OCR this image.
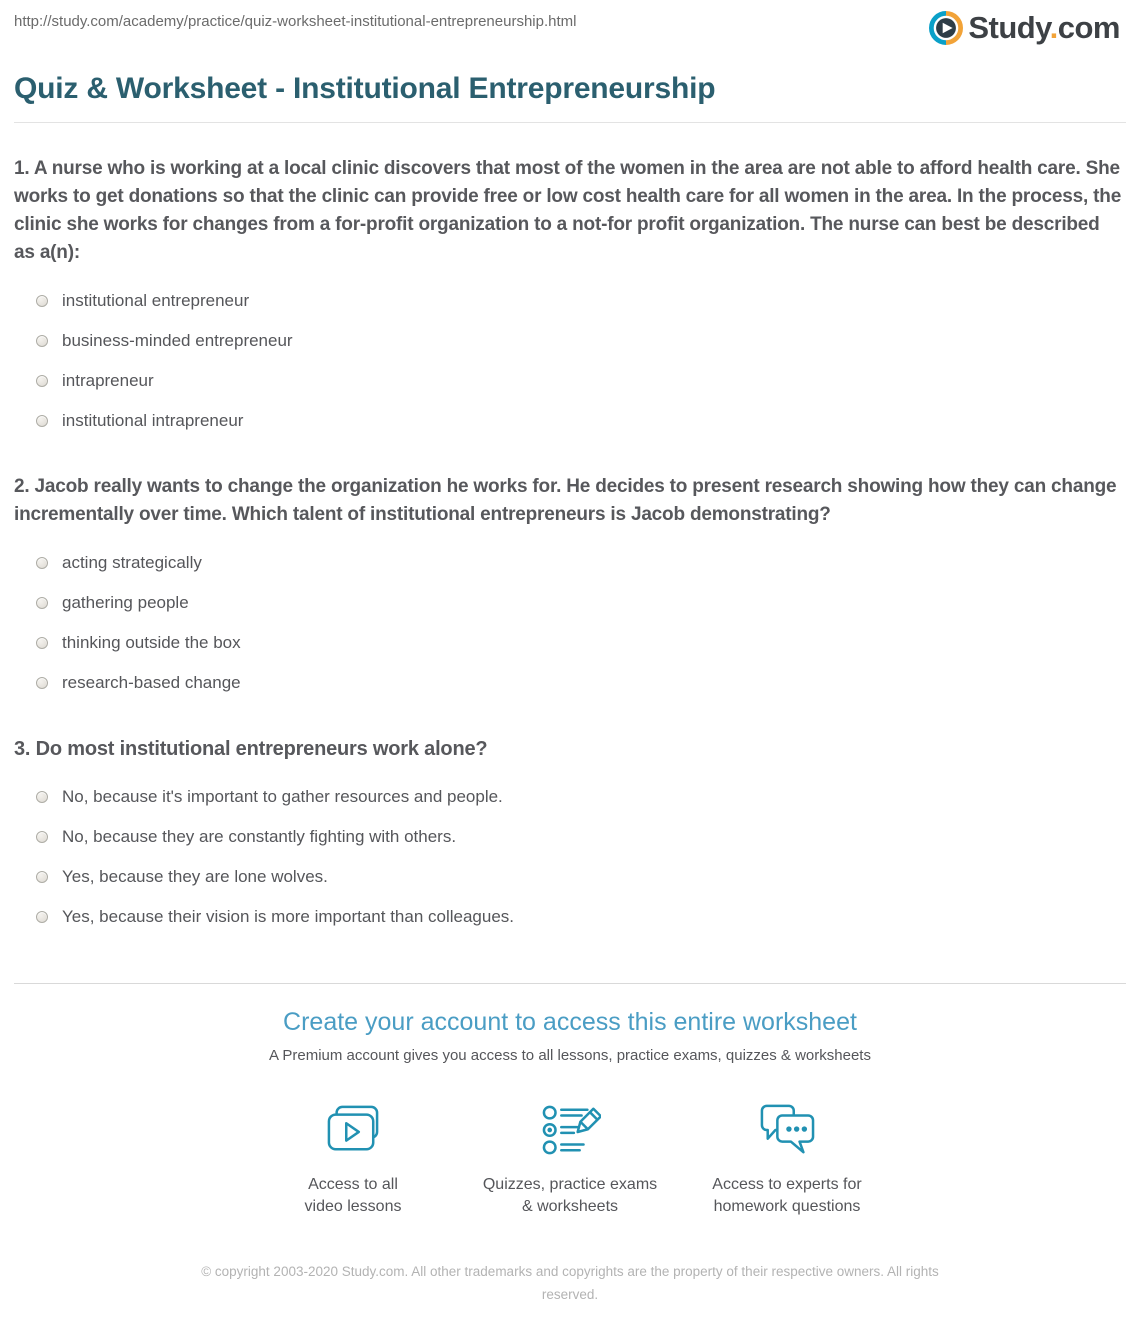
http://study.com/academy/practice/quiz-worksheet-institutional-entrepreneurship.html	Study.com
Quiz & Worksheet - Institutional Entrepreneurship
1. A nurse who is working at a local clinic discovers that most of the women in the area are not able to afford health care. She works to get donations so that the clinic can provide free or low cost health care for all women in the area. In the process, the clinic she works for changes from a for-profit organization to a not-for profit organization. The nurse can best be described as a(n):
institutional entrepreneur
business-minded entrepreneur
intrapreneur
institutional intrapreneur
2. Jacob really wants to change the organization he works for. He decides to present research showing how they can change incrementally over time. Which talent of institutional entrepreneurs is Jacob demonstrating?
acting strategically
gathering people
thinking outside the box
research-based change
3. Do most institutional entrepreneurs work alone?
No, because it's important to gather resources and people.
No, because they are constantly fighting with others.
Yes, because they are lone wolves.
Yes, because their vision is more important than colleagues.
Create your account to access this entire worksheet
A Premium account gives you access to all lessons, practice exams, quizzes & worksheets
Access to all
video lessons
Quizzes, practice exams
& worksheets
Access to experts for
homework questions
© copyright 2003-2020 Study.com. All other trademarks and copyrights are the property of their respective owners. All rights reserved.
